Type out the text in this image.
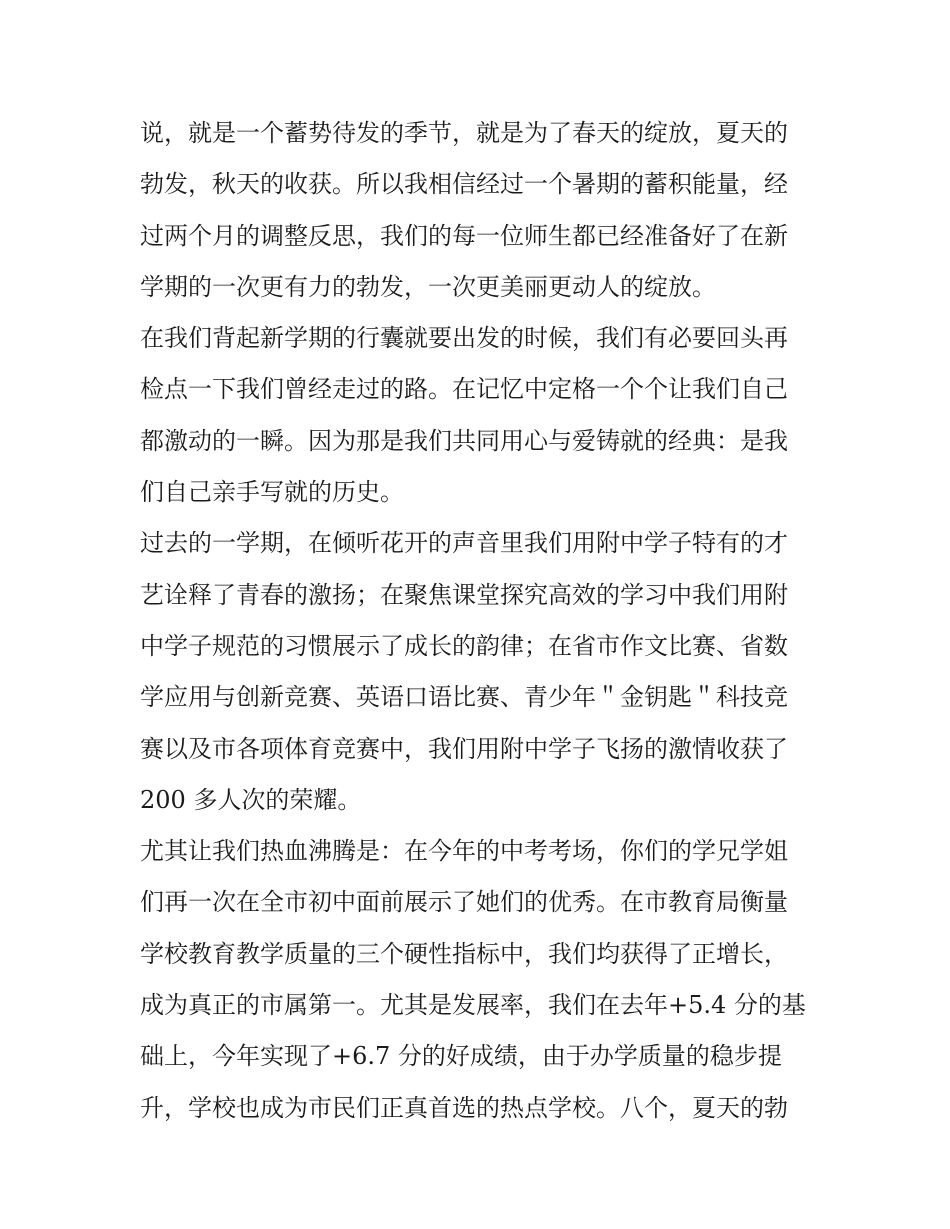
说，就是一个蓄势待发的季节，就是为了春天的绽放，夏天的
勃发，秋天的收获。所以我相信经过一个暑期的蓄积能量，经
过两个月的调整反思，我们的每一位师生都已经准备好了在新
学期的一次更有力的勃发，一次更美丽更动人的绽放。
在我们背起新学期的行囊就要出发的时候，我们有必要回头再
检点一下我们曾经走过的路。在记忆中定格一个个让我们自己
都激动的一瞬。因为那是我们共同用心与爱铸就的经典：是我
们自己亲手写就的历史。
过去的一学期，在倾听花开的声音里我们用附中学子特有的才
艺诠释了青春的激扬；在聚焦课堂探究高效的学习中我们用附
中学子规范的习惯展示了成长的韵律；在省市作文比赛、省数
学应用与创新竞赛、英语口语比赛、青少年＂金钥匙＂科技竞
赛以及市各项体育竞赛中，我们用附中学子飞扬的激情收获了
200 多人次的荣耀。
尤其让我们热血沸腾是：在今年的中考考场，你们的学兄学姐
们再一次在全市初中面前展示了她们的优秀。在市教育局衡量
学校教育教学质量的三个硬性指标中，我们均获得了正增长，
成为真正的市属第一。尤其是发展率，我们在去年+5.4 分的基
础上，今年实现了+6.7 分的好成绩，由于办学质量的稳步提
升，学校也成为市民们正真首选的热点学校。八个，夏天的勃
